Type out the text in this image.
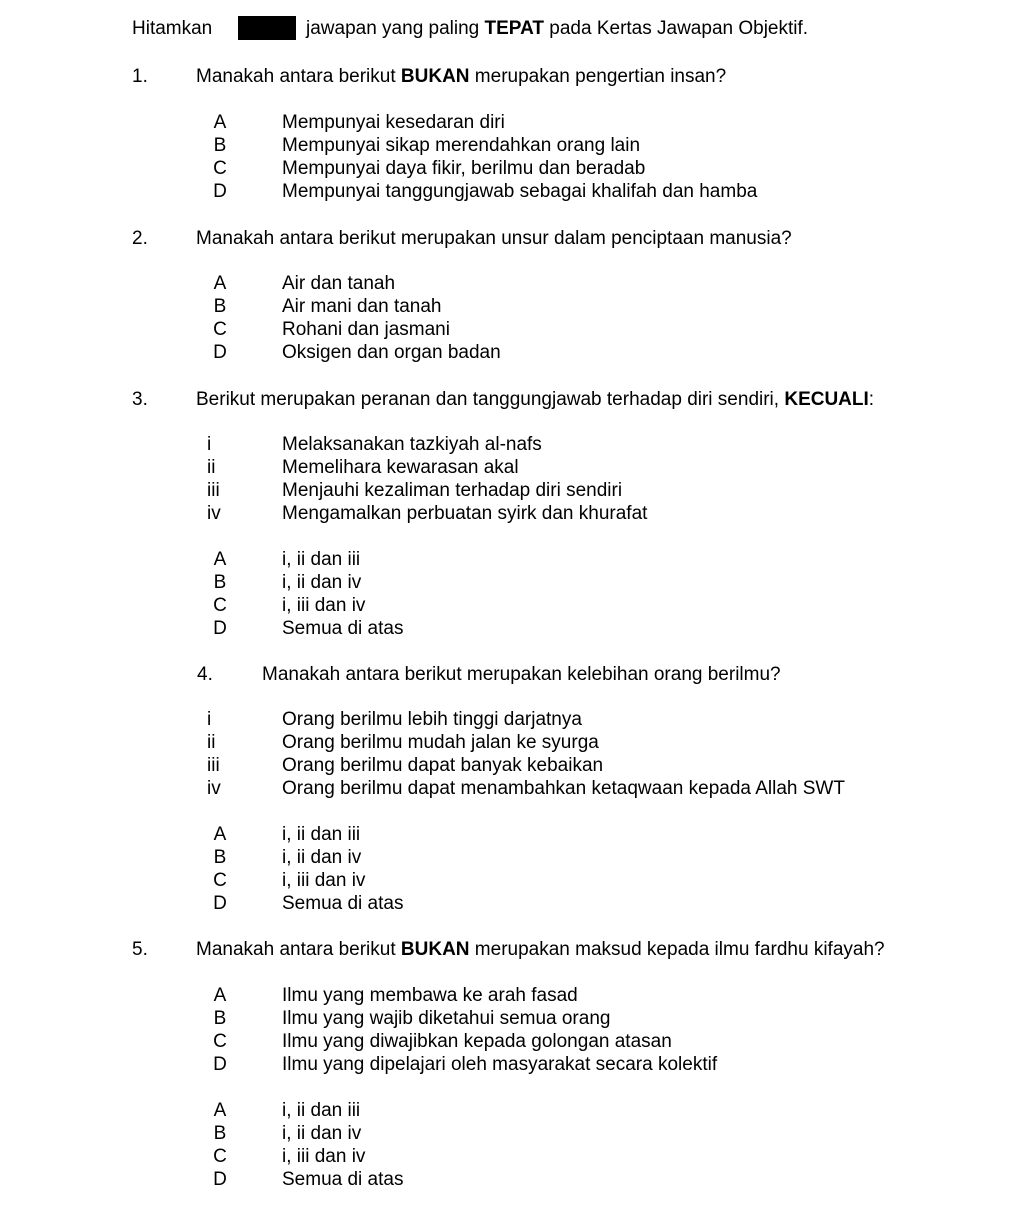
Hitamkan	jawapan yang paling TEPAT pada Kertas Jawapan Objektif.
1.	Manakah antara berikut BUKAN merupakan pengertian insan?
A	Mempunyai kesedaran diri
B	Mempunyai sikap merendahkan orang lain
C	Mempunyai daya fikir, berilmu dan beradab
D	Mempunyai tanggungjawab sebagai khalifah dan hamba
2.	Manakah antara berikut merupakan unsur dalam penciptaan manusia?
A	Air dan tanah
B	Air mani dan tanah
C	Rohani dan jasmani
D	Oksigen dan organ badan
3.	Berikut merupakan peranan dan tanggungjawab terhadap diri sendiri, KECUALI:
i	Melaksanakan tazkiyah al-nafs
ii	Memelihara kewarasan akal
iii	Menjauhi kezaliman terhadap diri sendiri
iv	Mengamalkan perbuatan syirk dan khurafat
A	i, ii dan iii
B	i, ii dan iv
C	i, iii dan iv
D	Semua di atas
4.	Manakah antara berikut merupakan kelebihan orang berilmu?
i	Orang berilmu lebih tinggi darjatnya
ii	Orang berilmu mudah jalan ke syurga
iii	Orang berilmu dapat banyak kebaikan
iv	Orang berilmu dapat menambahkan ketaqwaan kepada Allah SWT
A	i, ii dan iii
B	i, ii dan iv
C	i, iii dan iv
D	Semua di atas
5.	Manakah antara berikut BUKAN merupakan maksud kepada ilmu fardhu kifayah?
A	Ilmu yang membawa ke arah fasad
B	Ilmu yang wajib diketahui semua orang
C	Ilmu yang diwajibkan kepada golongan atasan
D	Ilmu yang dipelajari oleh masyarakat secara kolektif
A	i, ii dan iii
B	i, ii dan iv
C	i, iii dan iv
D	Semua di atas
